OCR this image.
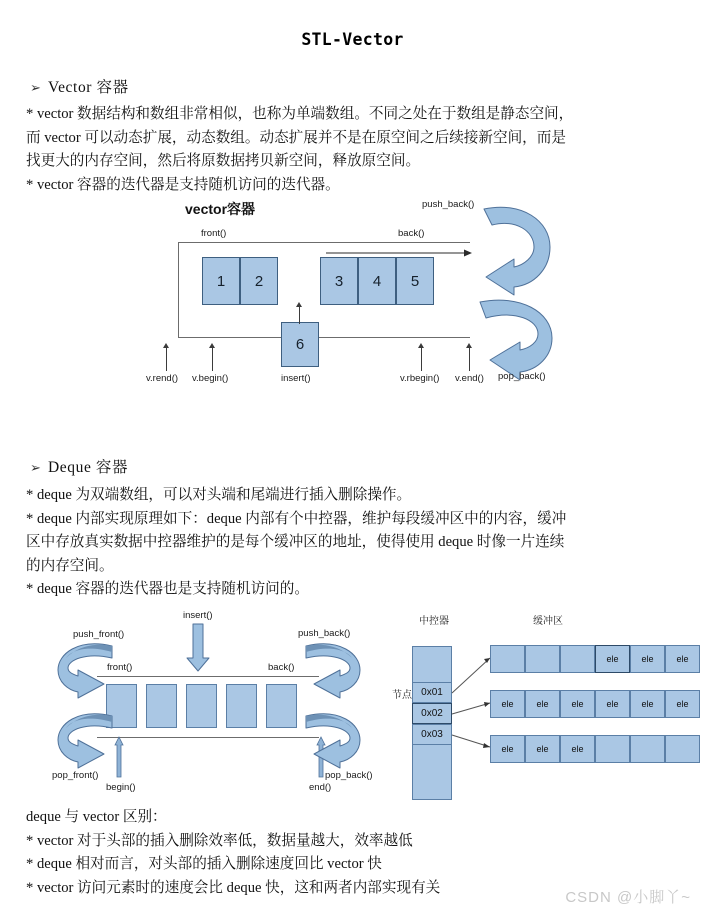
STL-Vector
➢ Vector 容器
* vector 数据结构和数组非常相似，也称为单端数组。不同之处在于数组是静态空间，
而 vector 可以动态扩展，动态数组。动态扩展并不是在原空间之后续接新空间，而是
找更大的内存空间，然后将原数据拷贝新空间，释放原空间。
* vector 容器的迭代器是支持随机访问的迭代器。
vector容器
front()	back()
1	2	3	4	5
6
insert()
v.rend() v.begin()	v.rbegin() v.end()
push_back()
pop_back()
➢ Deque 容器
* deque 为双端数组，可以对头端和尾端进行插入删除操作。
* deque 内部实现原理如下：deque 内部有个中控器，维护每段缓冲区中的内容，缓冲
区中存放真实数据中控器维护的是每个缓冲区的地址，使得使用 deque 时像一片连续
的内存空间。
* deque 容器的迭代器也是支持随机访问的。
insert()
push_front()
pop_front()
push_back()
pop_back()
front()	back()
begin()	end()
中控器
节点 0x01
0x02
0x03
缓冲区
ele	ele	ele
ele	ele	ele	ele	ele	ele
ele	ele	ele
deque 与 vector 区别：
* vector 对于头部的插入删除效率低，数据量越大，效率越低
* deque 相对而言，对头部的插入删除速度回比 vector 快
* vector 访问元素时的速度会比 deque 快，这和两者内部实现有关
CSDN @小脚丫~
